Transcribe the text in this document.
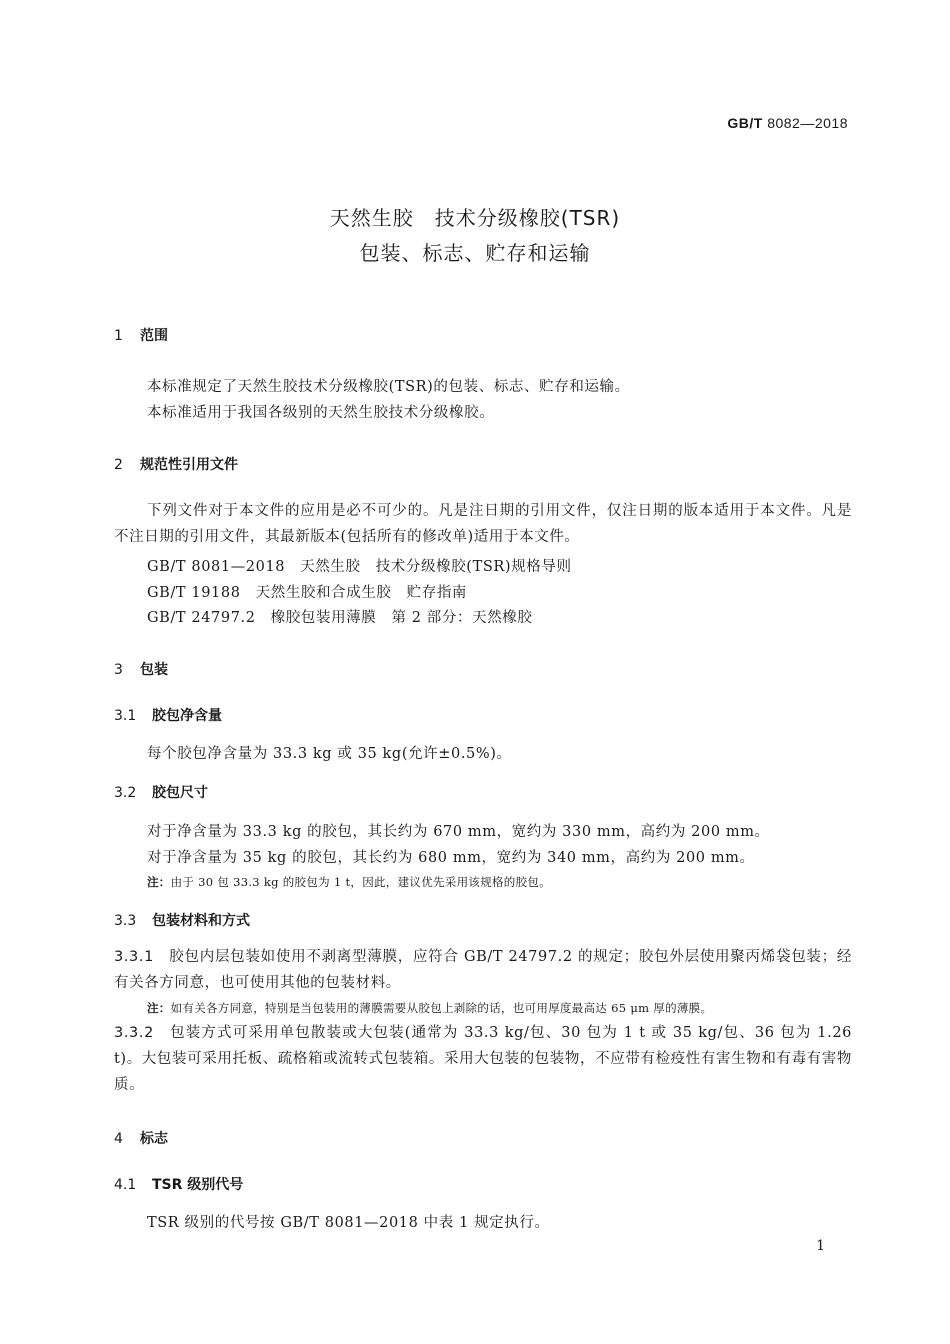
GB/T 8082—2018
天然生胶　技术分级橡胶(TSR)
包装、标志、贮存和运输
1 范围
本标准规定了天然生胶技术分级橡胶(TSR)的包装、标志、贮存和运输。
本标准适用于我国各级别的天然生胶技术分级橡胶。
2 规范性引用文件
下列文件对于本文件的应用是必不可少的。凡是注日期的引用文件，仅注日期的版本适用于本文件。凡是不注日期的引用文件，其最新版本(包括所有的修改单)适用于本文件。
GB/T 8081—2018　天然生胶　技术分级橡胶(TSR)规格导则
GB/T 19188　天然生胶和合成生胶　贮存指南
GB/T 24797.2　橡胶包装用薄膜　第 2 部分：天然橡胶
3 包装
3.1 胶包净含量
每个胶包净含量为 33.3 kg 或 35 kg(允许±0.5%)。
3.2 胶包尺寸
对于净含量为 33.3 kg 的胶包，其长约为 670 mm，宽约为 330 mm，高约为 200 mm。
对于净含量为 35 kg 的胶包，其长约为 680 mm，宽约为 340 mm，高约为 200 mm。
注：由于 30 包 33.3 kg 的胶包为 1 t，因此，建议优先采用该规格的胶包。
3.3 包装材料和方式
3.3.1　 胶包内层包装如使用不剥离型薄膜，应符合 GB/T 24797.2 的规定；胶包外层使用聚丙烯袋包装；经有关各方同意，也可使用其他的包装材料。
注：如有关各方同意，特别是当包装用的薄膜需要从胶包上剥除的话，也可用厚度最高达 65 μm 厚的薄膜。
3.3.2　 包装方式可采用单包散装或大包装(通常为 33.3 kg/包、30 包为 1 t 或 35 kg/包、36 包为 1.26 t)。大包装可采用托板、疏格箱或流转式包装箱。采用大包装的包装物，不应带有检疫性有害生物和有毒有害物质。
4 标志
4.1 TSR 级别代号
TSR 级别的代号按 GB/T 8081—2018 中表 1 规定执行。
1
